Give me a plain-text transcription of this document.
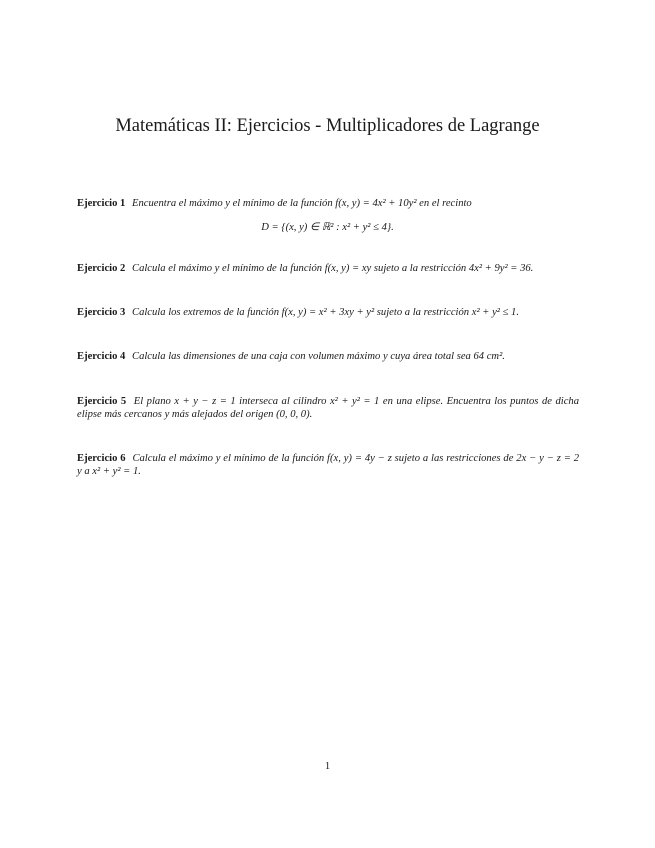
Matemáticas II: Ejercicios - Multiplicadores de Lagrange
Ejercicio 1 Encuentra el máximo y el mínimo de la función f(x, y) = 4x² + 10y² en el recinto
D = {(x, y) ∈ ℝ² : x² + y² ≤ 4}.
Ejercicio 2 Calcula el máximo y el mínimo de la función f(x, y) = xy sujeto a la restricción 4x² + 9y² = 36.
Ejercicio 3 Calcula los extremos de la función f(x, y) = x² + 3xy + y² sujeto a la restricción x² + y² ≤ 1.
Ejercicio 4 Calcula las dimensiones de una caja con volumen máximo y cuya área total sea 64 cm².
Ejercicio 5 El plano x + y − z = 1 interseca al cilindro x² + y² = 1 en una elipse. Encuentra los puntos de dicha elipse más cercanos y más alejados del origen (0, 0, 0).
Ejercicio 6 Calcula el máximo y el mínimo de la función f(x, y) = 4y − z sujeto a las restricciones de 2x − y − z = 2 y a x² + y² = 1.
1
